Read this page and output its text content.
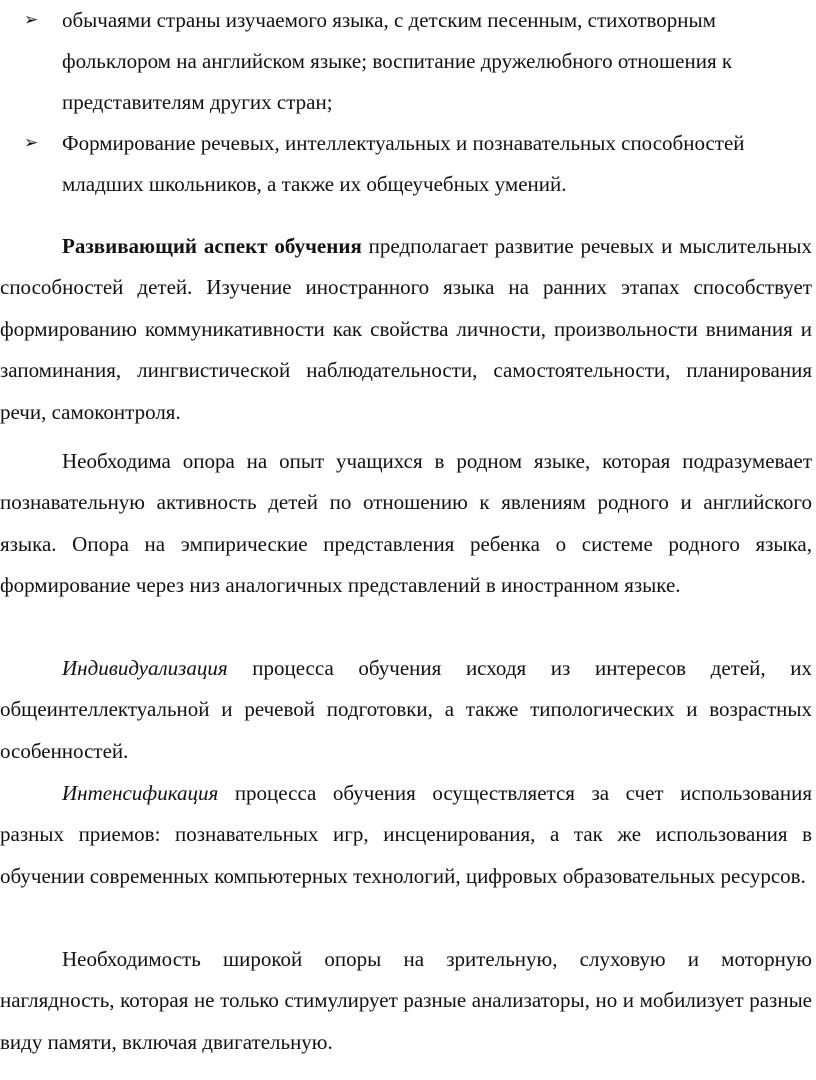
➢ обычаями страны изучаемого языка, с детским песенным, стихотворным фольклором на английском языке; воспитание дружелюбного отношения к представителям других стран;
➢ Формирование речевых, интеллектуальных и познавательных способностей младших школьников, а также их общеучебных умений.

Развивающий аспект обучения предполагает развитие речевых и мыслительных способностей детей. Изучение иностранного языка на ранних этапах способствует формированию коммуникативности как свойства личности, произвольности внимания и запоминания, лингвистической наблюдательности, самостоятельности, планирования речи, самоконтроля.

Необходима опора на опыт учащихся в родном языке, которая подразумевает познавательную активность детей по отношению к явлениям родного и английского языка. Опора на эмпирические представления ребенка о системе родного языка, формирование через низ аналогичных представлений в иностранном языке.

Индивидуализация процесса обучения исходя из интересов детей, их общеинтеллектуальной и речевой подготовки, а также типологических и возрастных особенностей.

Интенсификация процесса обучения осуществляется за счет использования разных приемов: познавательных игр, инсценирования, а так же использования в обучении современных компьютерных технологий, цифровых образовательных ресурсов.

Необходимость широкой опоры на зрительную, слуховую и моторную наглядность, которая не только стимулирует разные анализаторы, но и мобилизует разные виду памяти, включая двигательную.
